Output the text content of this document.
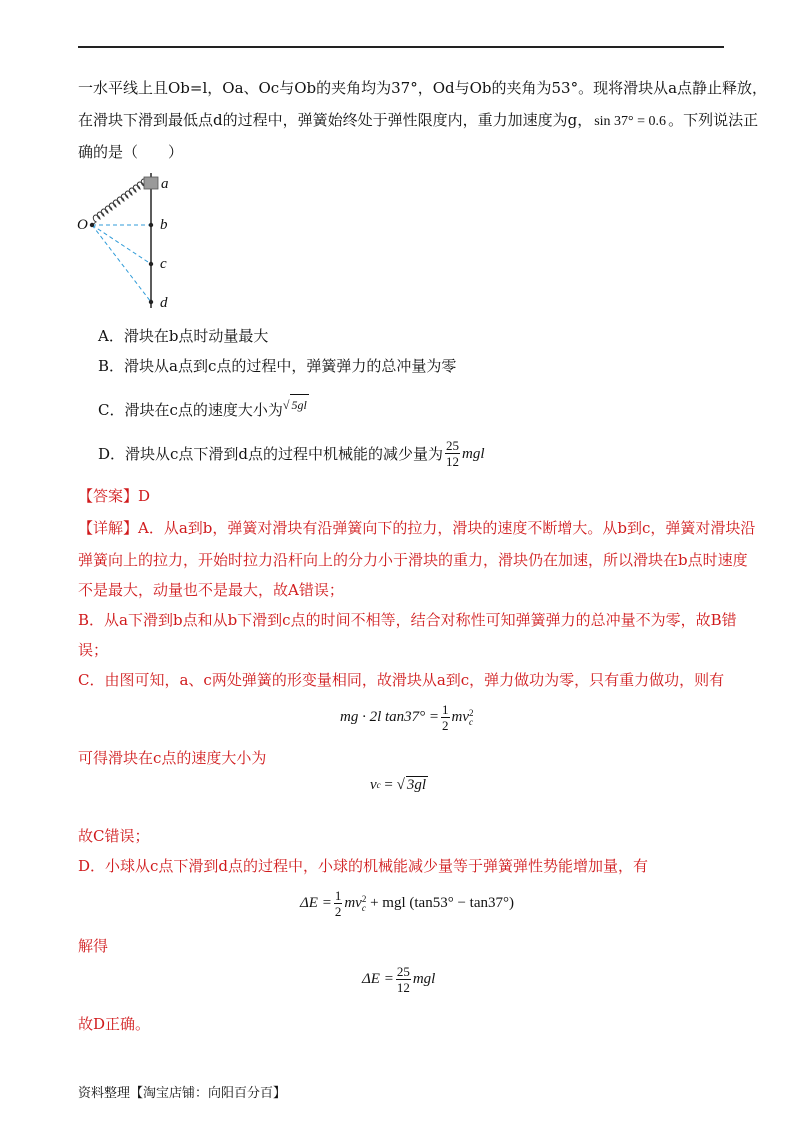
一水平线上且Ob=l，Oa、Oc与Ob的夹角均为37°，Od与Ob的夹角为53°。现将滑块从a点静止释放，
在滑块下滑到最低点d的过程中，弹簧始终处于弹性限度内，重力加速度为g， sin 37° = 0.6 。下列说法正
确的是（　　）
O
a
b
c
d
A．滑块在b点时动量最大
B．滑块从a点到c点的过程中，弹簧弹力的总冲量为零
C．滑块在c点的速度大小为$^{√ 5gl}$
D．滑块从c点下滑到d点的过程中机械能的减少量为 $\frac{25}{12}$ mgl
【答案】D
【详解】A．从a到b，弹簧对滑块有沿弹簧向下的拉力，滑块的速度不断增大。从b到c，弹簧对滑块沿
弹簧向上的拉力，开始时拉力沿杆向上的分力小于滑块的重力，滑块仍在加速，所以滑块在b点时速度
不是最大，动量也不是最大，故A错误；
B．从a下滑到b点和从b下滑到c点的时间不相等，结合对称性可知弹簧弹力的总冲量不为零，故B错
误；
C．由图可知，a、c两处弹簧的形变量相同，故滑块从a到c，弹力做功为零，只有重力做功，则有
mg · 2l $\tan 37^\circ = \frac{1}{2}$ mv 2
c
可得滑块在c点的速度大小为
v c = √ 3gl
故C错误；
D．小球从c点下滑到d点的过程中，小球的机械能减少量等于弹簧弹性势能增加量，有
$\Delta E = \frac{1}{2}$ mv 2
c + mgl (tan53° − tan37°)
解得
$\Delta E = \frac{25}{12}$ mgl
故D正确。
资料整理【淘宝店铺：向阳百分百】
